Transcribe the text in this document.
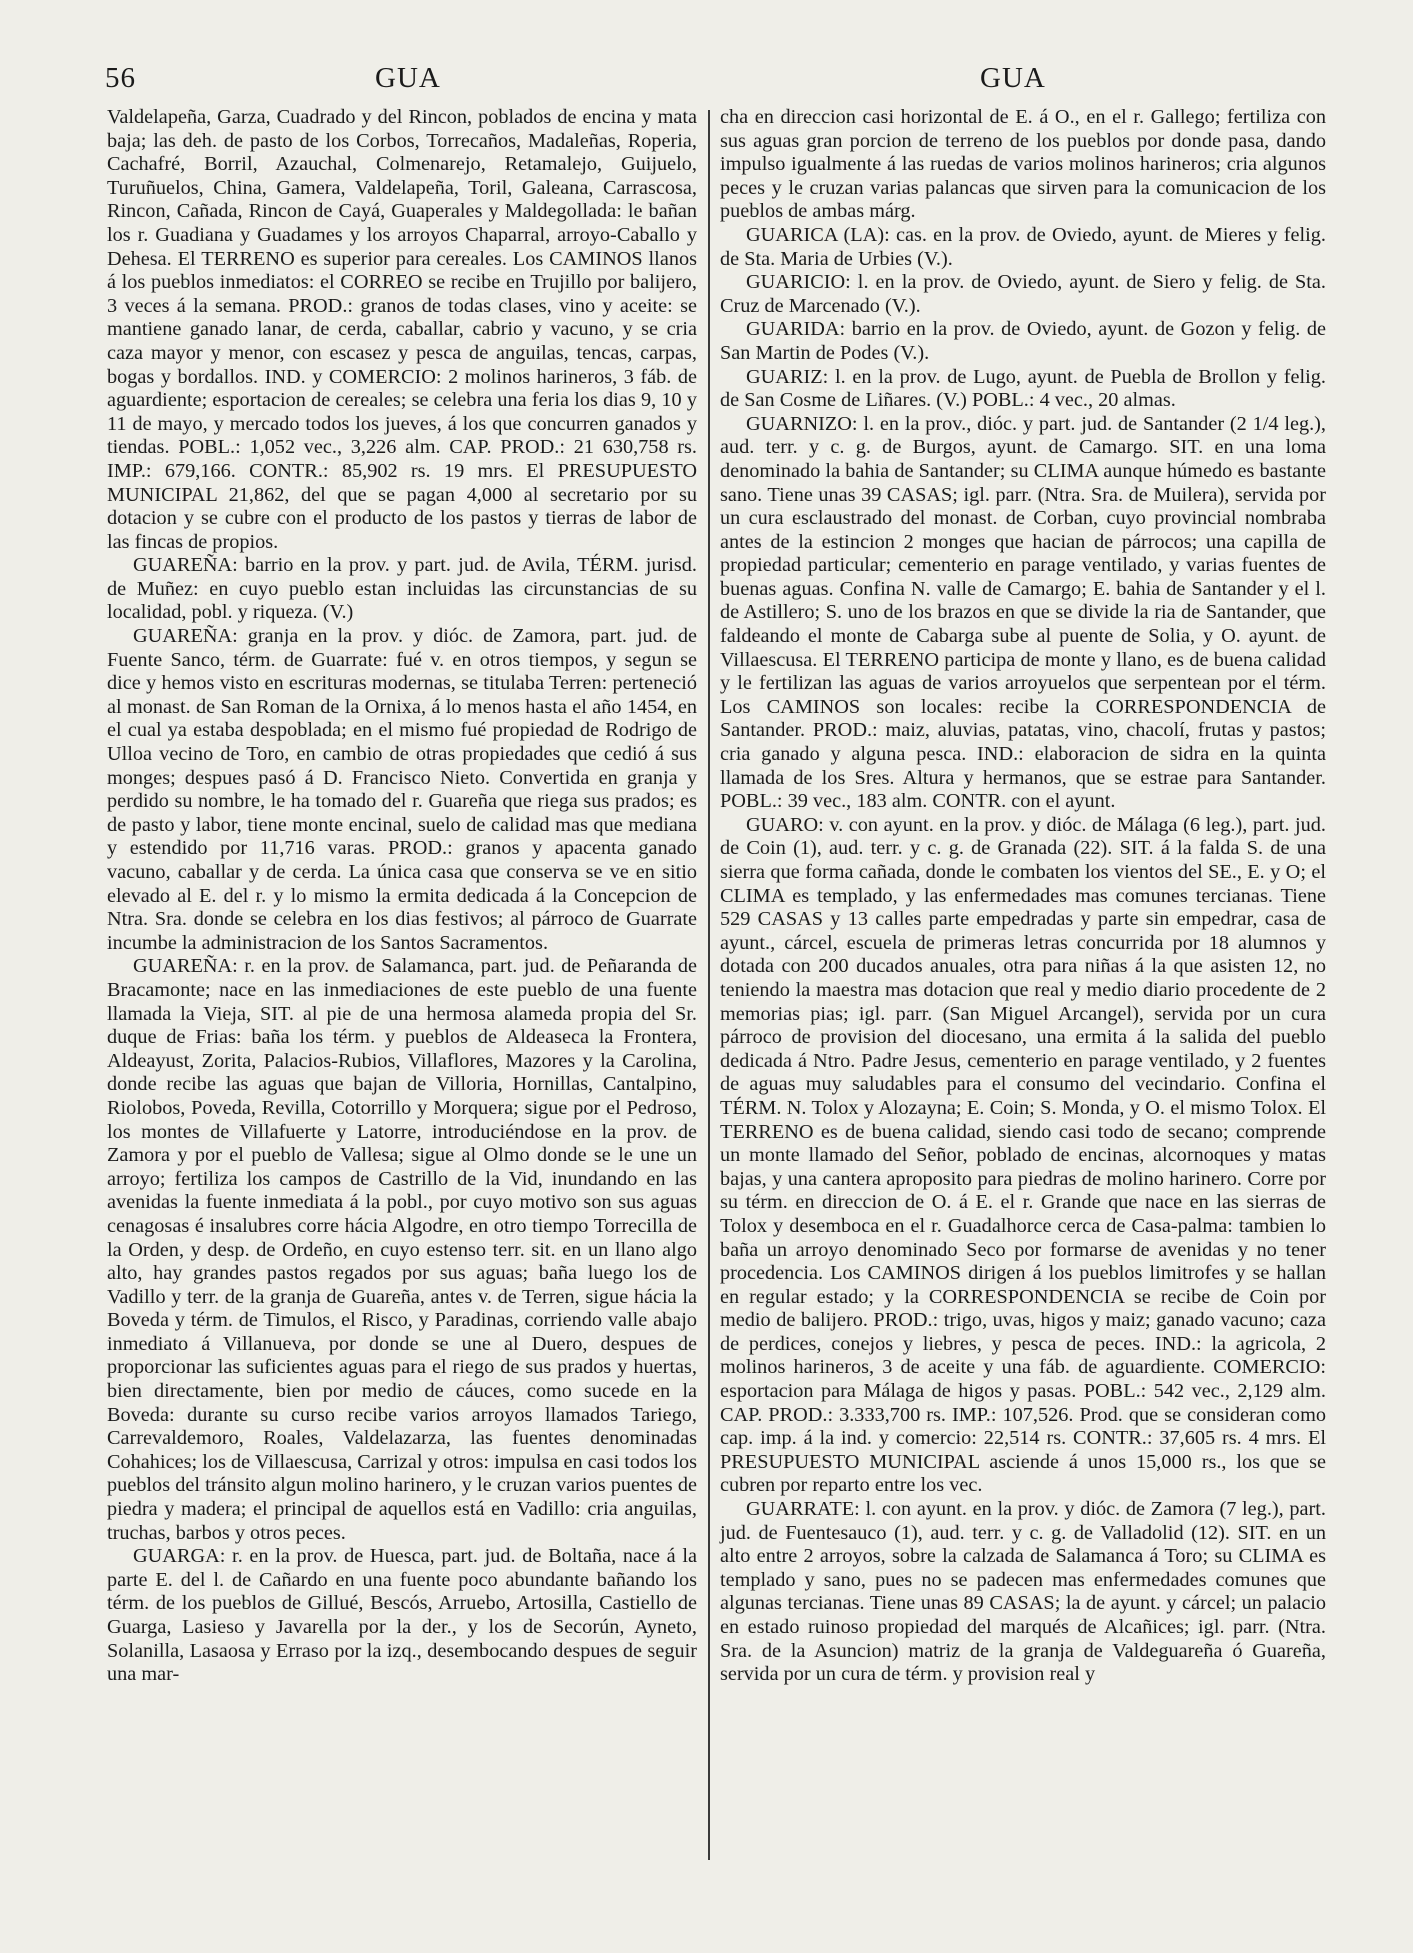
56	GUA	GUA

Valdelapeña, Garza, Cuadrado y del Rincon, poblados de encina y mata baja; las deh. de pasto de los Corbos, Torrecaños, Madaleñas, Roperia, Cachafré, Borril, Azauchal, Colmenarejo, Retamalejo, Guijuelo, Turuñuelos, China, Gamera, Valdelapeña, Toril, Galeana, Carrascosa, Rincon, Cañada, Rincon de Cayá, Guaperales y Maldegollada: le bañan los r. Guadiana y Guadames y los arroyos Chaparral, arroyo-Caballo y Dehesa. El TERRENO es superior para cereales. Los CAMINOS llanos á los pueblos inmediatos: el CORREO se recibe en Trujillo por balijero, 3 veces á la semana. PROD.: granos de todas clases, vino y aceite: se mantiene ganado lanar, de cerda, caballar, cabrio y vacuno, y se cria caza mayor y menor, con escasez y pesca de anguilas, tencas, carpas, bogas y bordallos. IND. y COMERCIO: 2 molinos harineros, 3 fáb. de aguardiente; esportacion de cereales; se celebra una feria los dias 9, 10 y 11 de mayo, y mercado todos los jueves, á los que concurren ganados y tiendas. POBL.: 1,052 vec., 3,226 alm. CAP. PROD.: 21 630,758 rs. IMP.: 679,166. CONTR.: 85,902 rs. 19 mrs. El PRESUPUESTO MUNICIPAL 21,862, del que se pagan 4,000 al secretario por su dotacion y se cubre con el producto de los pastos y tierras de labor de las fincas de propios.

GUAREÑA: barrio en la prov. y part. jud. de Avila, TÉRM. jurisd. de Muñez: en cuyo pueblo estan incluidas las circunstancias de su localidad, pobl. y riqueza. (V.)

GUAREÑA: granja en la prov. y dióc. de Zamora, part. jud. de Fuente Sanco, térm. de Guarrate: fué v. en otros tiempos, y segun se dice y hemos visto en escrituras modernas, se titulaba Terren: perteneció al monast. de San Roman de la Ornixa, á lo menos hasta el año 1454, en el cual ya estaba despoblada; en el mismo fué propiedad de Rodrigo de Ulloa vecino de Toro, en cambio de otras propiedades que cedió á sus monges; despues pasó á D. Francisco Nieto. Convertida en granja y perdido su nombre, le ha tomado del r. Guareña que riega sus prados; es de pasto y labor, tiene monte encinal, suelo de calidad mas que mediana y estendido por 11,716 varas. PROD.: granos y apacenta ganado vacuno, caballar y de cerda. La única casa que conserva se ve en sitio elevado al E. del r. y lo mismo la ermita dedicada á la Concepcion de Ntra. Sra. donde se celebra en los dias festivos; al párroco de Guarrate incumbe la administracion de los Santos Sacramentos.

GUAREÑA: r. en la prov. de Salamanca, part. jud. de Peñaranda de Bracamonte; nace en las inmediaciones de este pueblo de una fuente llamada la Vieja, SIT. al pie de una hermosa alameda propia del Sr. duque de Frias: baña los térm. y pueblos de Aldeaseca la Frontera, Aldeayust, Zorita, Palacios-Rubios, Villaflores, Mazores y la Carolina, donde recibe las aguas que bajan de Villoria, Hornillas, Cantalpino, Riolobos, Poveda, Revilla, Cotorrillo y Morquera; sigue por el Pedroso, los montes de Villafuerte y Latorre, introduciéndose en la prov. de Zamora y por el pueblo de Vallesa; sigue al Olmo donde se le une un arroyo; fertiliza los campos de Castrillo de la Vid, inundando en las avenidas la fuente inmediata á la pobl., por cuyo motivo son sus aguas cenagosas é insalubres corre hácia Algodre, en otro tiempo Torrecilla de la Orden, y desp. de Ordeño, en cuyo estenso terr. sit. en un llano algo alto, hay grandes pastos regados por sus aguas; baña luego los de Vadillo y terr. de la granja de Guareña, antes v. de Terren, sigue hácia la Boveda y térm. de Timulos, el Risco, y Paradinas, corriendo valle abajo inmediato á Villanueva, por donde se une al Duero, despues de proporcionar las suficientes aguas para el riego de sus prados y huertas, bien directamente, bien por medio de cáuces, como sucede en la Boveda: durante su curso recibe varios arroyos llamados Tariego, Carrevaldemoro, Roales, Valdelazarza, las fuentes denominadas Cohahices; los de Villaescusa, Carrizal y otros: impulsa en casi todos los pueblos del tránsito algun molino harinero, y le cruzan varios puentes de piedra y madera; el principal de aquellos está en Vadillo: cria anguilas, truchas, barbos y otros peces.

GUARGA: r. en la prov. de Huesca, part. jud. de Boltaña, nace á la parte E. del l. de Cañardo en una fuente poco abundante bañando los térm. de los pueblos de Gillué, Bescós, Arruebo, Artosilla, Castiello de Guarga, Lasieso y Javarella por la der., y los de Secorún, Ayneto, Solanilla, Lasaosa y Erraso por la izq., desembocando despues de seguir una mar-

cha en direccion casi horizontal de E. á O., en el r. Gallego; fertiliza con sus aguas gran porcion de terreno de los pueblos por donde pasa, dando impulso igualmente á las ruedas de varios molinos harineros; cria algunos peces y le cruzan varias palancas que sirven para la comunicacion de los pueblos de ambas márg.

GUARICA (LA): cas. en la prov. de Oviedo, ayunt. de Mieres y felig. de Sta. Maria de Urbies (V.).

GUARICIO: l. en la prov. de Oviedo, ayunt. de Siero y felig. de Sta. Cruz de Marcenado (V.).

GUARIDA: barrio en la prov. de Oviedo, ayunt. de Gozon y felig. de San Martin de Podes (V.).

GUARIZ: l. en la prov. de Lugo, ayunt. de Puebla de Brollon y felig. de San Cosme de Liñares. (V.) POBL.: 4 vec., 20 almas.

GUARNIZO: l. en la prov., dióc. y part. jud. de Santander (2 1/4 leg.), aud. terr. y c. g. de Burgos, ayunt. de Camargo. SIT. en una loma denominado la bahia de Santander; su CLIMA aunque húmedo es bastante sano. Tiene unas 39 CASAS; igl. parr. (Ntra. Sra. de Muilera), servida por un cura esclaustrado del monast. de Corban, cuyo provincial nombraba antes de la estincion 2 monges que hacian de párrocos; una capilla de propiedad particular; cementerio en parage ventilado, y varias fuentes de buenas aguas. Confina N. valle de Camargo; E. bahia de Santander y el l. de Astillero; S. uno de los brazos en que se divide la ria de Santander, que faldeando el monte de Cabarga sube al puente de Solia, y O. ayunt. de Villaescusa. El TERRENO participa de monte y llano, es de buena calidad y le fertilizan las aguas de varios arroyuelos que serpentean por el térm. Los CAMINOS son locales: recibe la CORRESPONDENCIA de Santander. PROD.: maiz, aluvias, patatas, vino, chacolí, frutas y pastos; cria ganado y alguna pesca. IND.: elaboracion de sidra en la quinta llamada de los Sres. Altura y hermanos, que se estrae para Santander. POBL.: 39 vec., 183 alm. CONTR. con el ayunt.

GUARO: v. con ayunt. en la prov. y dióc. de Málaga (6 leg.), part. jud. de Coin (1), aud. terr. y c. g. de Granada (22). SIT. á la falda S. de una sierra que forma cañada, donde le combaten los vientos del SE., E. y O; el CLIMA es templado, y las enfermedades mas comunes tercianas. Tiene 529 CASAS y 13 calles parte empedradas y parte sin empedrar, casa de ayunt., cárcel, escuela de primeras letras concurrida por 18 alumnos y dotada con 200 ducados anuales, otra para niñas á la que asisten 12, no teniendo la maestra mas dotacion que real y medio diario procedente de 2 memorias pias; igl. parr. (San Miguel Arcangel), servida por un cura párroco de provision del diocesano, una ermita á la salida del pueblo dedicada á Ntro. Padre Jesus, cementerio en parage ventilado, y 2 fuentes de aguas muy saludables para el consumo del vecindario. Confina el TÉRM. N. Tolox y Alozayna; E. Coin; S. Monda, y O. el mismo Tolox. El TERRENO es de buena calidad, siendo casi todo de secano; comprende un monte llamado del Señor, poblado de encinas, alcornoques y matas bajas, y una cantera aproposito para piedras de molino harinero. Corre por su térm. en direccion de O. á E. el r. Grande que nace en las sierras de Tolox y desemboca en el r. Guadalhorce cerca de Casa-palma: tambien lo baña un arroyo denominado Seco por formarse de avenidas y no tener procedencia. Los CAMINOS dirigen á los pueblos limitrofes y se hallan en regular estado; y la CORRESPONDENCIA se recibe de Coin por medio de balijero. PROD.: trigo, uvas, higos y maiz; ganado vacuno; caza de perdices, conejos y liebres, y pesca de peces. IND.: la agricola, 2 molinos harineros, 3 de aceite y una fáb. de aguardiente. COMERCIO: esportacion para Málaga de higos y pasas. POBL.: 542 vec., 2,129 alm. CAP. PROD.: 3.333,700 rs. IMP.: 107,526. Prod. que se consideran como cap. imp. á la ind. y comercio: 22,514 rs. CONTR.: 37,605 rs. 4 mrs. El PRESUPUESTO MUNICIPAL asciende á unos 15,000 rs., los que se cubren por reparto entre los vec.

GUARRATE: l. con ayunt. en la prov. y dióc. de Zamora (7 leg.), part. jud. de Fuentesauco (1), aud. terr. y c. g. de Valladolid (12). SIT. en un alto entre 2 arroyos, sobre la calzada de Salamanca á Toro; su CLIMA es templado y sano, pues no se padecen mas enfermedades comunes que algunas tercianas. Tiene unas 89 CASAS; la de ayunt. y cárcel; un palacio en estado ruinoso propiedad del marqués de Alcañices; igl. parr. (Ntra. Sra. de la Asuncion) matriz de la granja de Valdeguareña ó Guareña, servida por un cura de térm. y provision real y
